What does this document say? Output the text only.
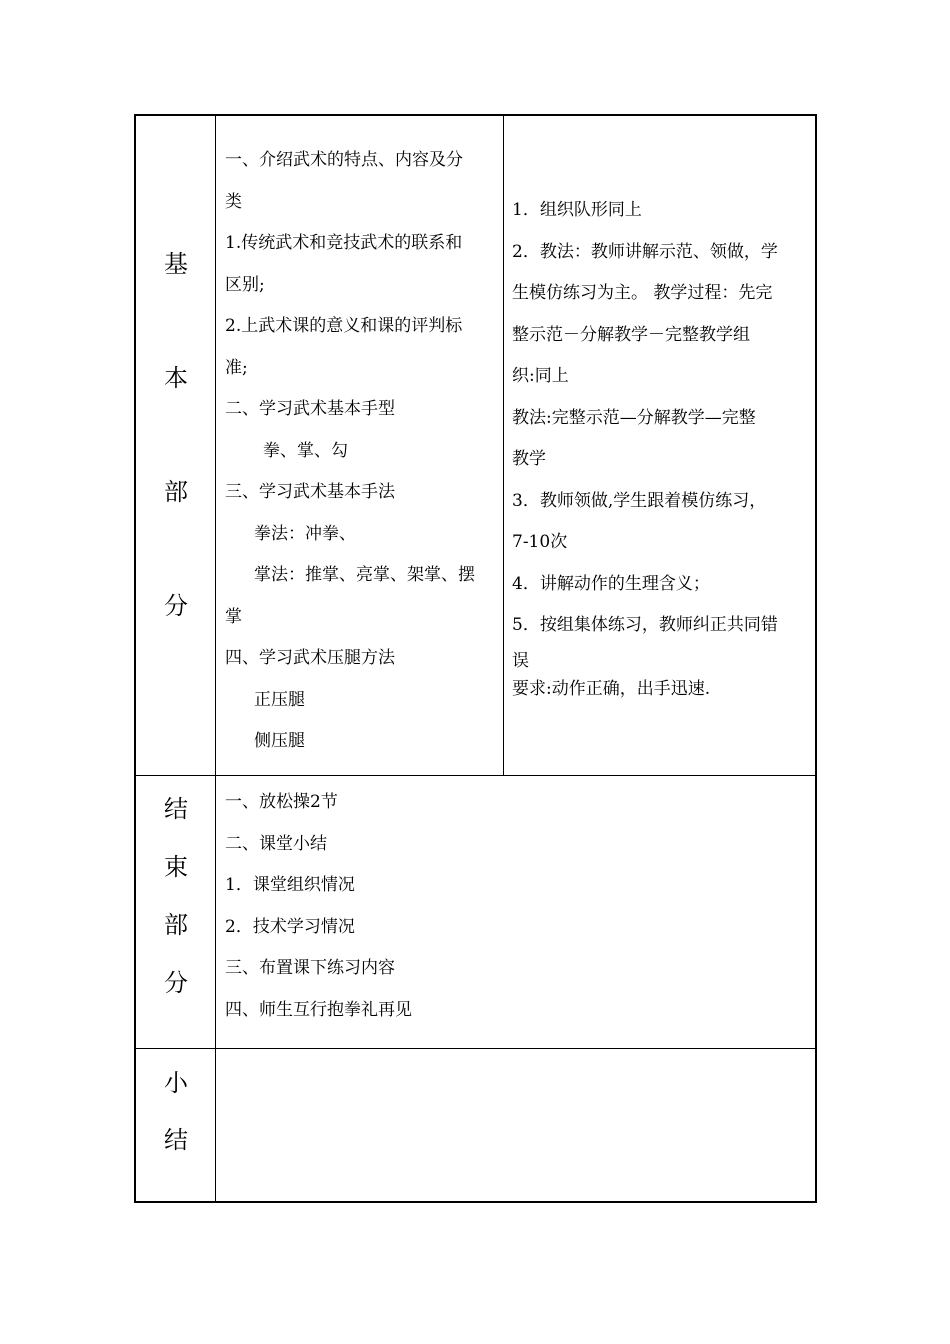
基
本
部
分

一、介绍武术的特点、内容及分

类

1.传统武术和竞技武术的联系和

区别;

2.上武术课的意义和课的评判标

准;

二、学习武术基本手型

拳、掌、勾

三、学习武术基本手法

拳法：冲拳、

掌法：推掌、亮掌、架掌、摆

掌

四、学习武术压腿方法

正压腿

侧压腿

1．组织队形同上

2．教法：教师讲解示范、领做，学

生模仿练习为主。 教学过程：先完

整示范－分解教学－完整教学组

织:同上

教法:完整示范—分解教学—完整

教学

3．教师领做,学生跟着模仿练习，

7-10次

4．讲解动作的生理含义；

5．按组集体练习，教师纠正共同错

误

要求:动作正确，出手迅速.

结
束
部
分

一、放松操2节

二、课堂小结

1．课堂组织情况

2．技术学习情况

三、布置课下练习内容

四、师生互行抱拳礼再见

小
结
